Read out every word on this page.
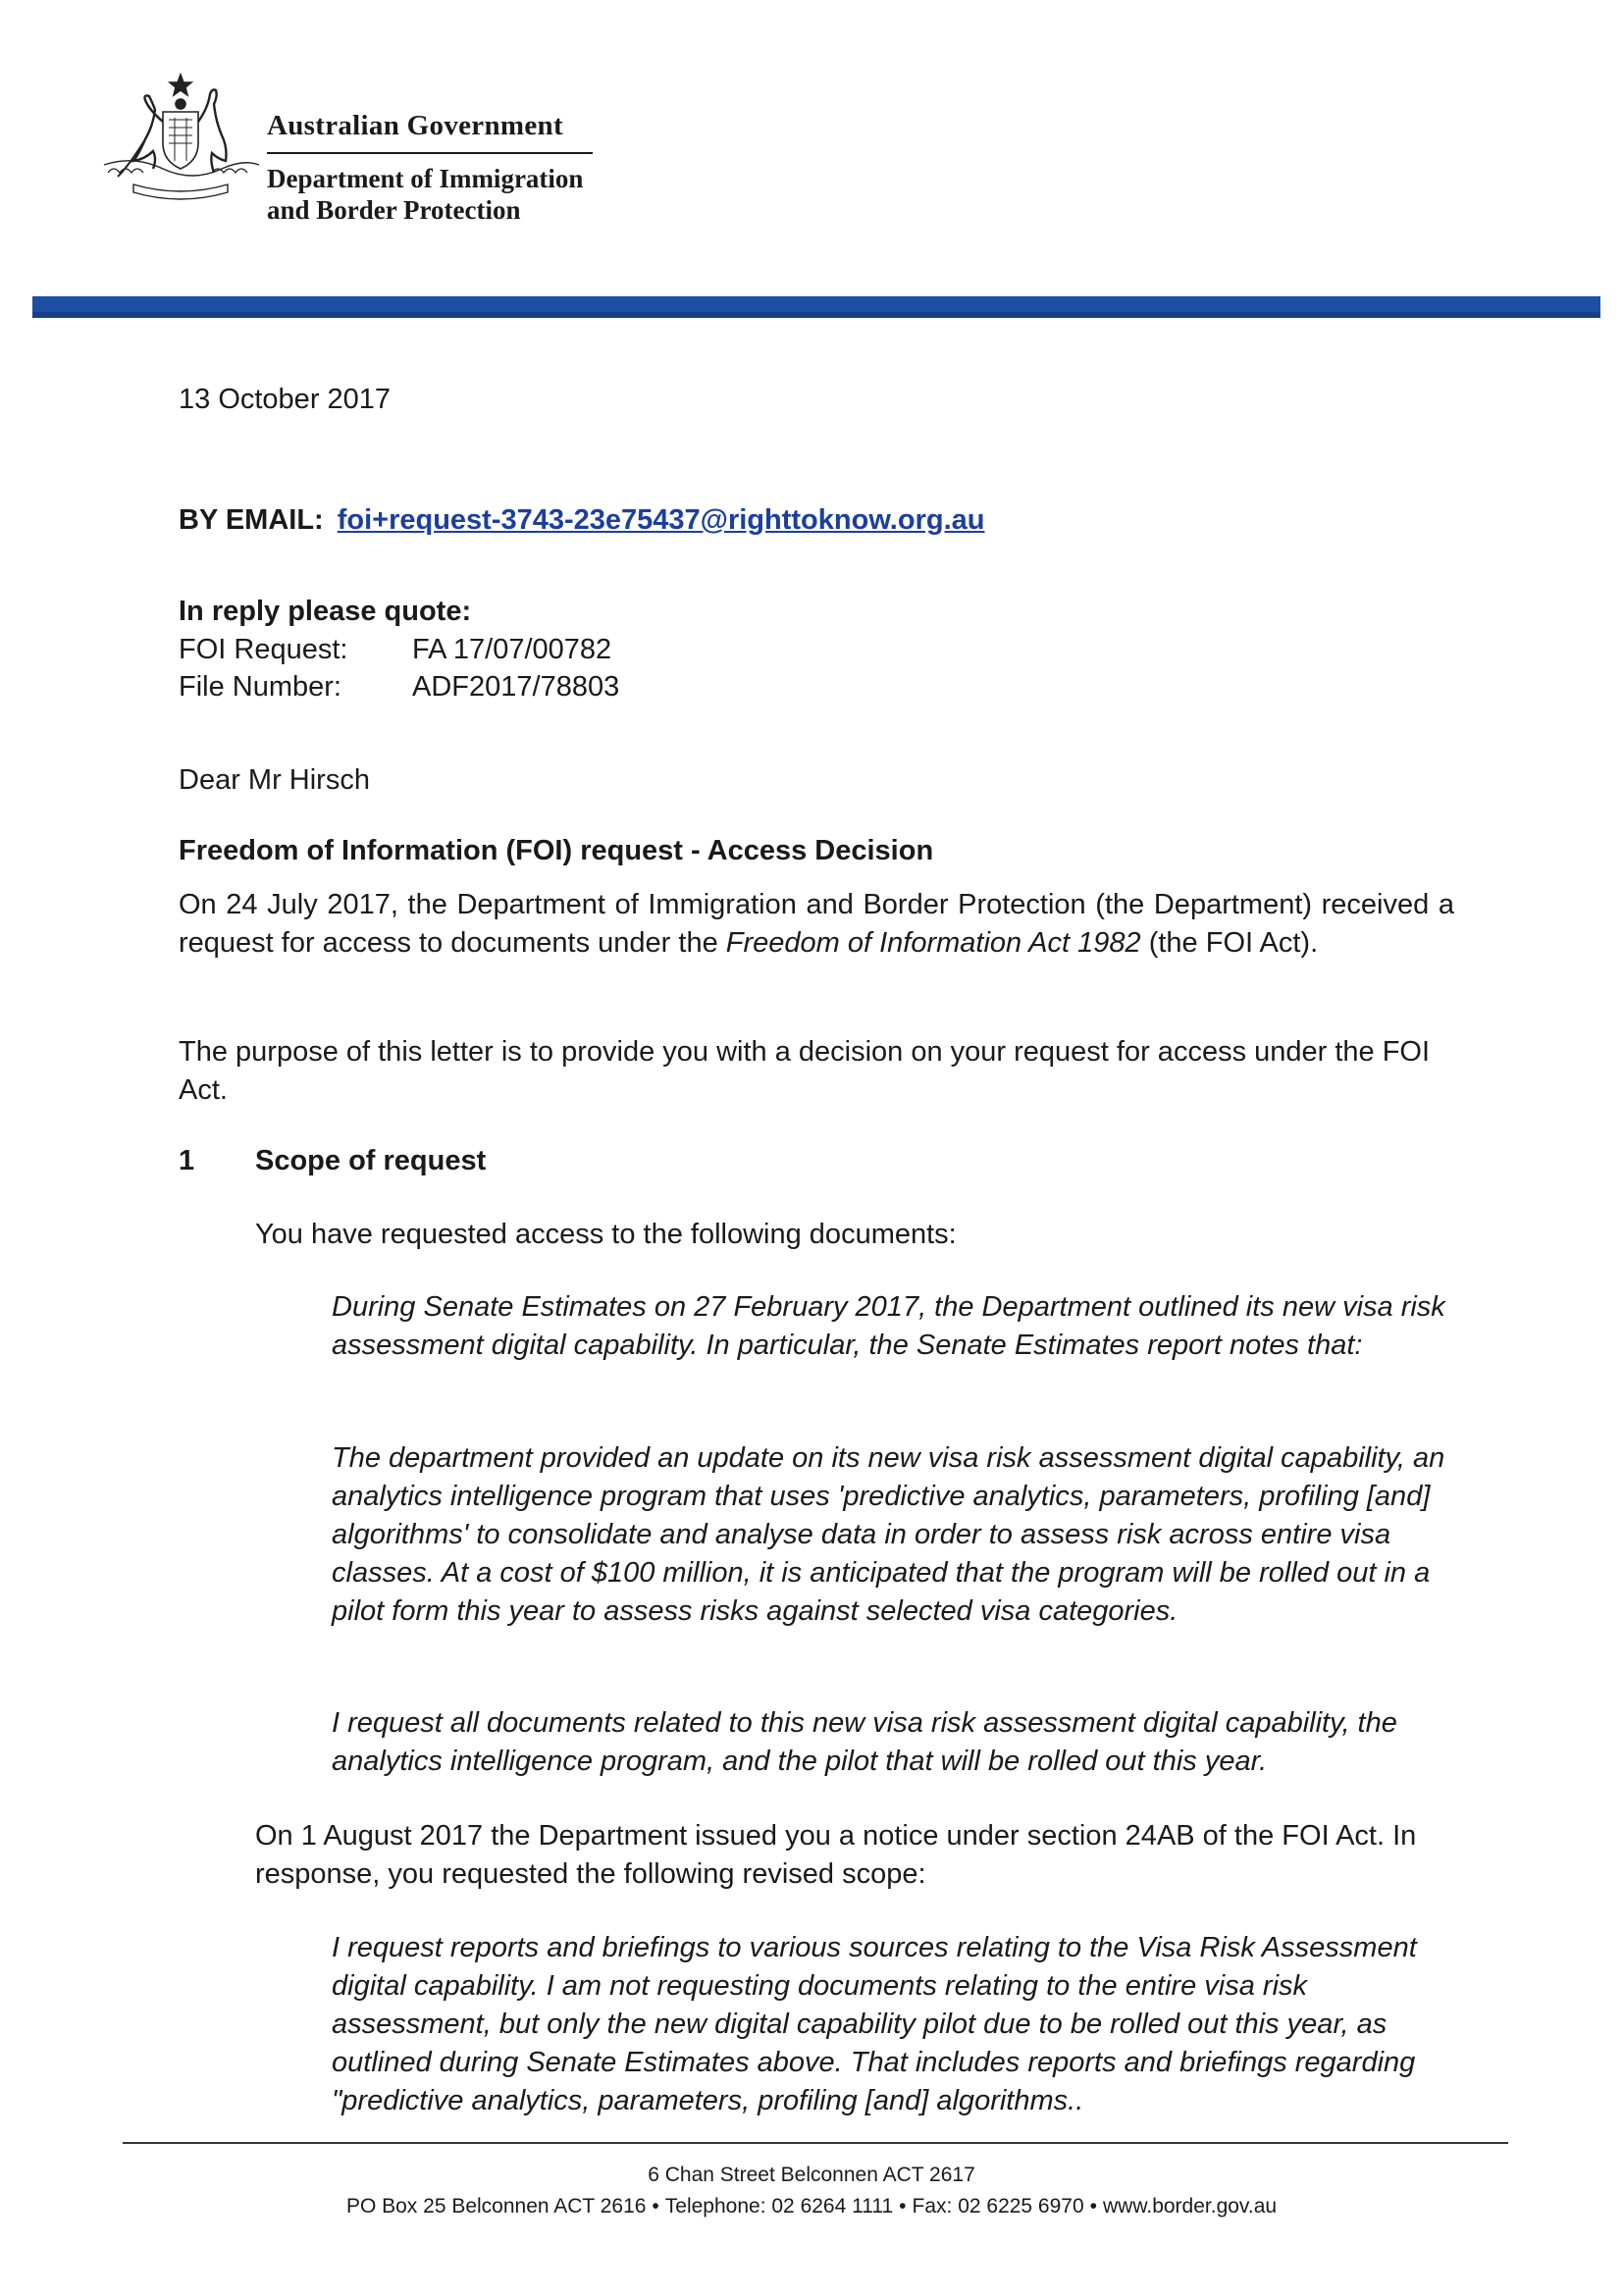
Australian Government
Department of Immigration
and Border Protection
13 October 2017
BY EMAIL: foi+request-3743-23e75437@righttoknow.org.au
In reply please quote:
FOI Request: FA 17/07/00782
File Number: ADF2017/78803
Dear Mr Hirsch
Freedom of Information (FOI) request - Access Decision
On 24 July 2017, the Department of Immigration and Border Protection (the Department) received a request for access to documents under the Freedom of Information Act 1982 (the FOI Act).
The purpose of this letter is to provide you with a decision on your request for access under the FOI Act.
1 Scope of request
You have requested access to the following documents:
During Senate Estimates on 27 February 2017, the Department outlined its new visa risk assessment digital capability. In particular, the Senate Estimates report notes that:
The department provided an update on its new visa risk assessment digital capability, an analytics intelligence program that uses 'predictive analytics, parameters, profiling [and] algorithms' to consolidate and analyse data in order to assess risk across entire visa classes. At a cost of $100 million, it is anticipated that the program will be rolled out in a pilot form this year to assess risks against selected visa categories.
I request all documents related to this new visa risk assessment digital capability, the analytics intelligence program, and the pilot that will be rolled out this year.
On 1 August 2017 the Department issued you a notice under section 24AB of the FOI Act. In response, you requested the following revised scope:
I request reports and briefings to various sources relating to the Visa Risk Assessment digital capability. I am not requesting documents relating to the entire visa risk assessment, but only the new digital capability pilot due to be rolled out this year, as outlined during Senate Estimates above. That includes reports and briefings regarding "predictive analytics, parameters, profiling [and] algorithms..
6 Chan Street Belconnen ACT 2617
PO Box 25 Belconnen ACT 2616 • Telephone: 02 6264 1111 • Fax: 02 6225 6970 • www.border.gov.au
